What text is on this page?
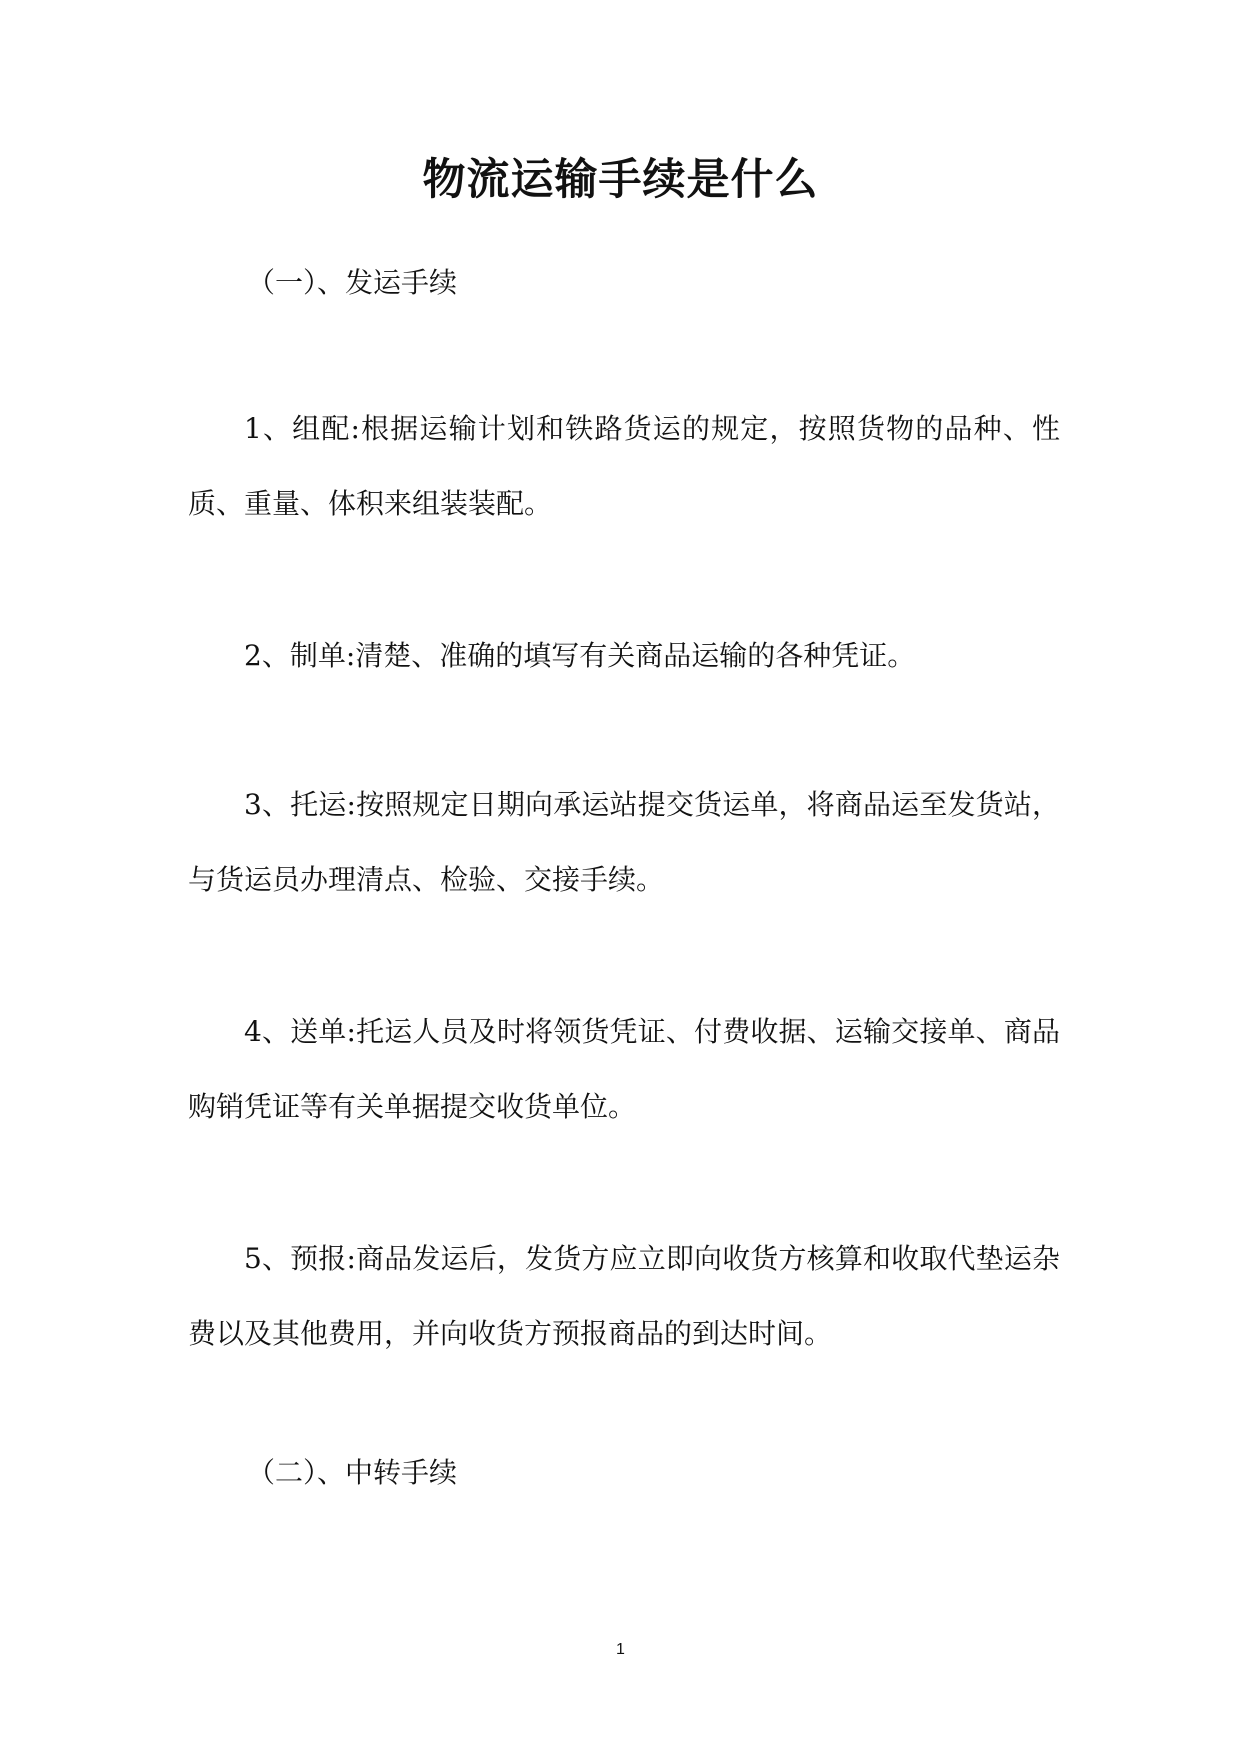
物流运输手续是什么
（一）、发运手续

1、组配:根据运输计划和铁路货运的规定，按照货物的品种、性质、重量、体积来组装装配。

2、制单:清楚、准确的填写有关商品运输的各种凭证。

3、托运:按照规定日期向承运站提交货运单，将商品运至发货站，与货运员办理清点、检验、交接手续。

4、送单:托运人员及时将领货凭证、付费收据、运输交接单、商品购销凭证等有关单据提交收货单位。

5、预报:商品发运后，发货方应立即向收货方核算和收取代垫运杂费以及其他费用，并向收货方预报商品的到达时间。

（二）、中转手续
1
